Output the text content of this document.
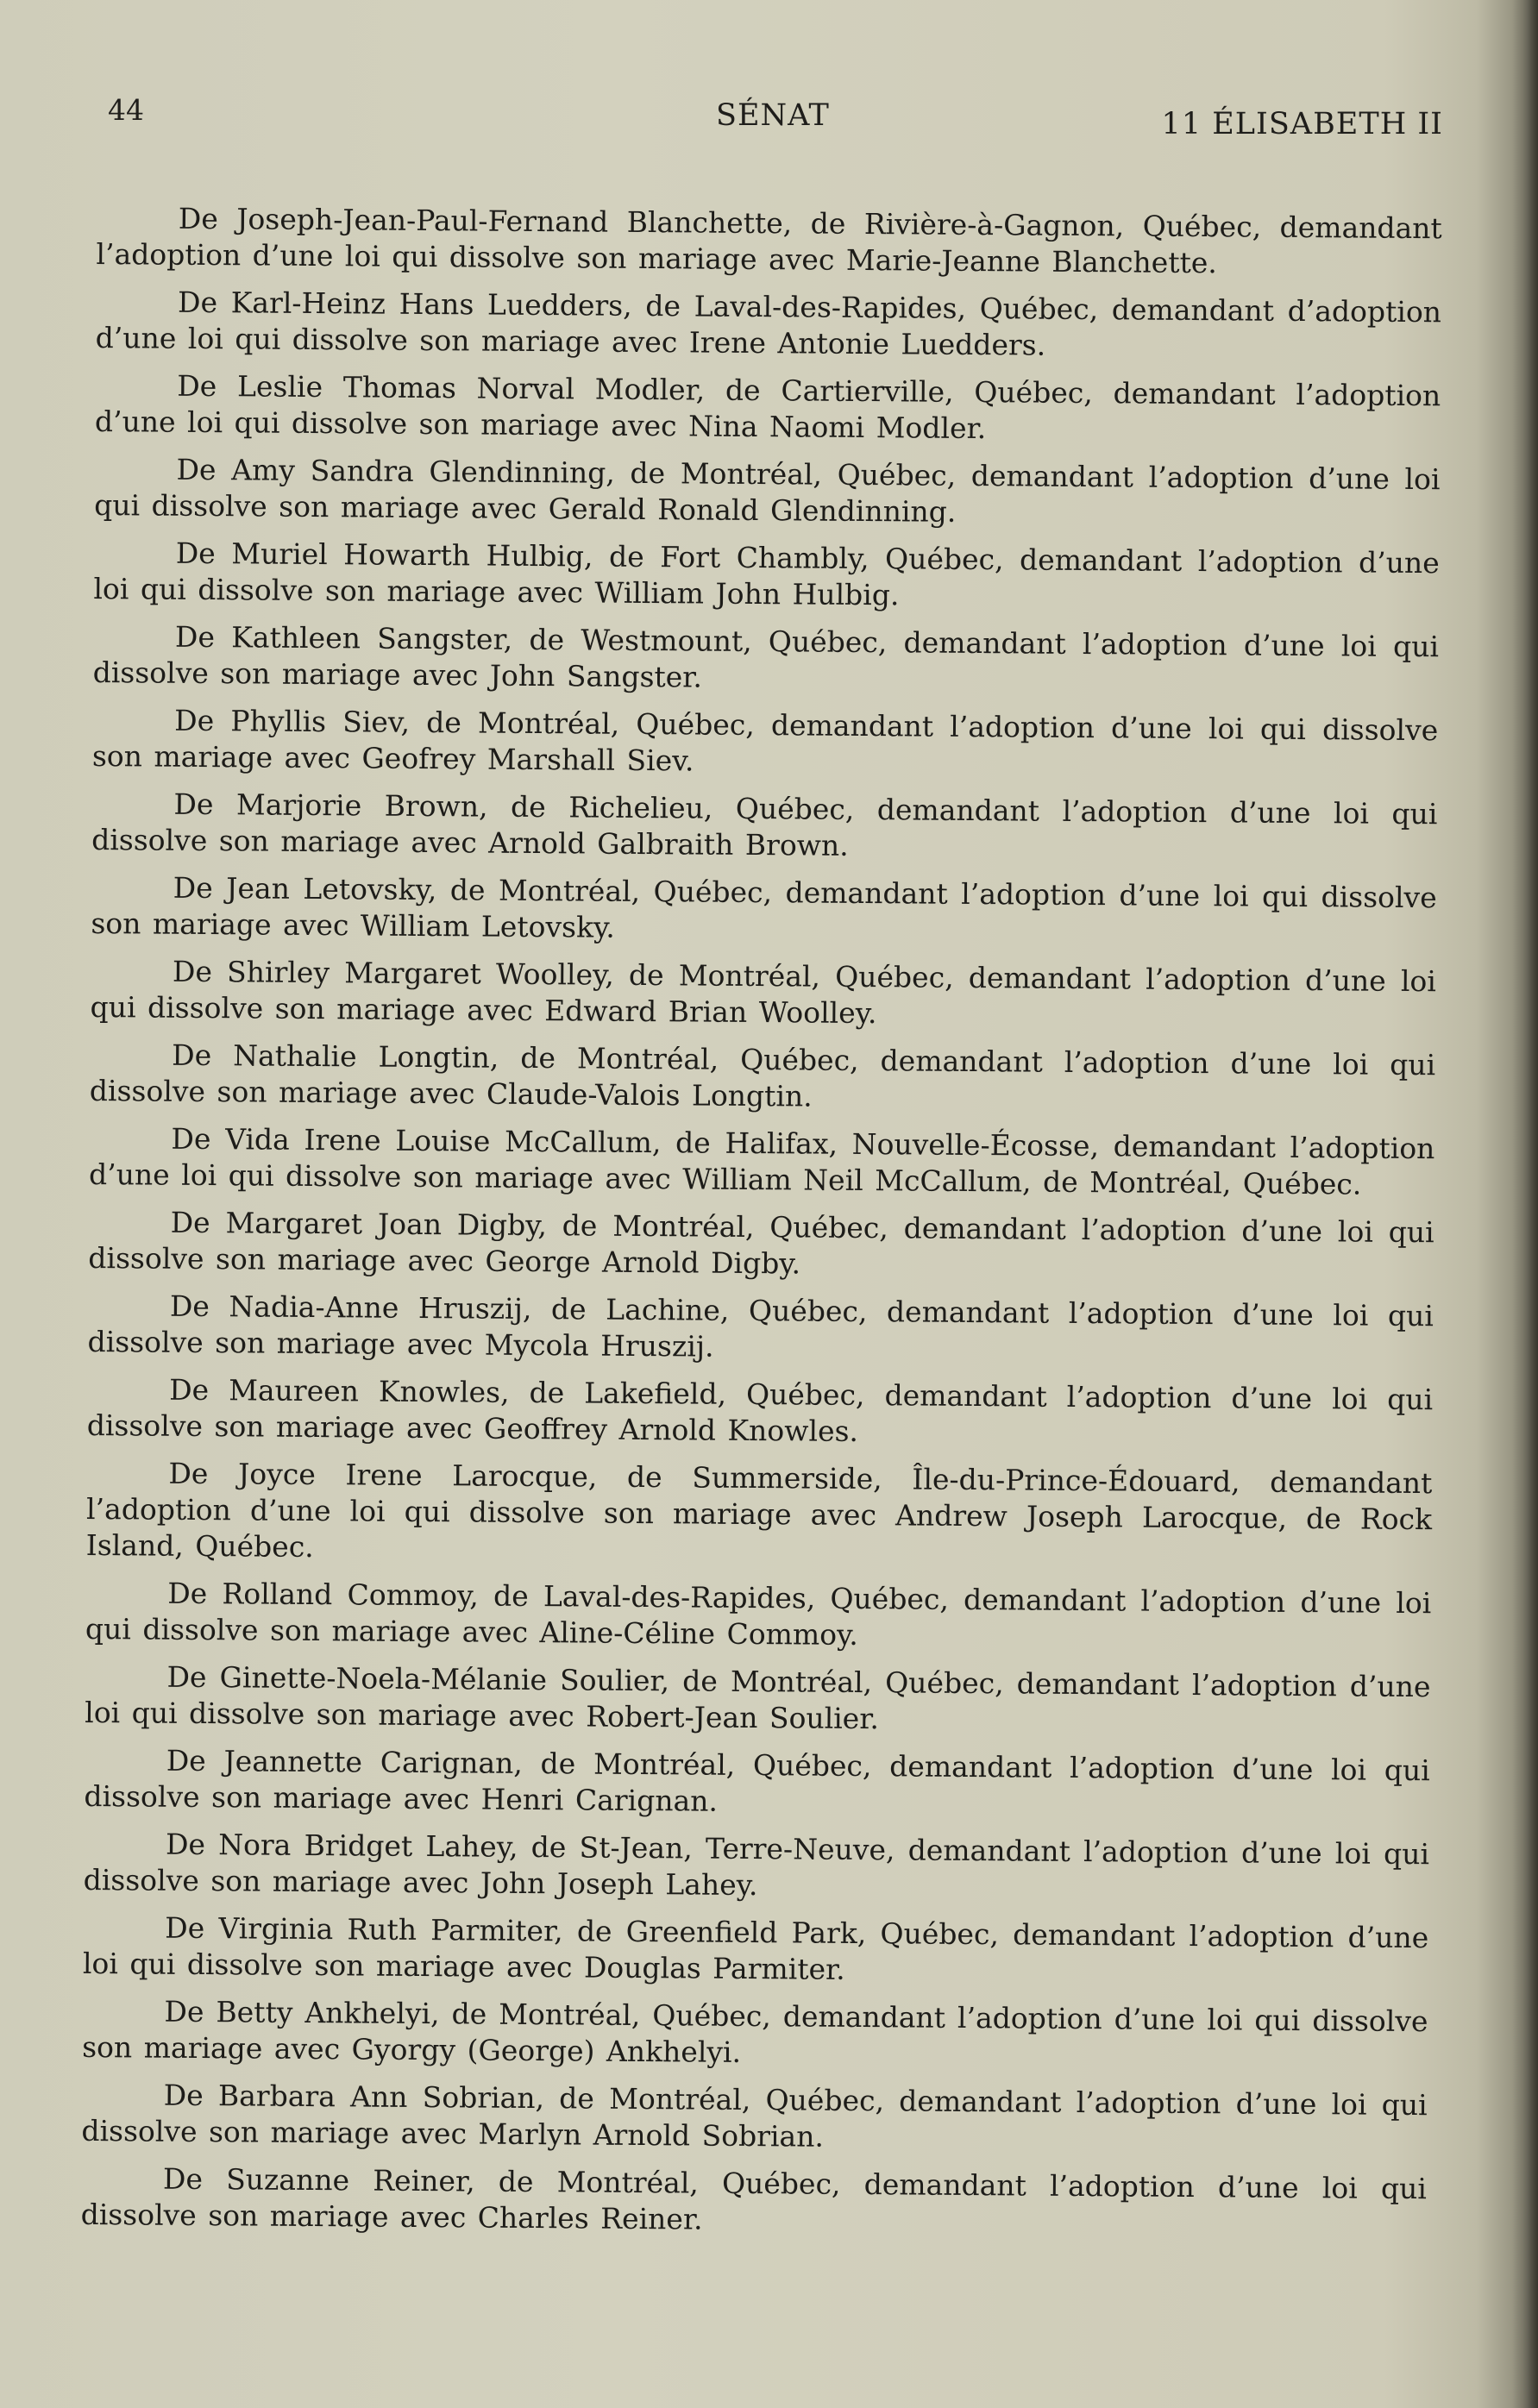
44	SÉNAT	11 ÉLISABETH II

De Joseph-Jean-Paul-Fernand Blanchette, de Rivière-à-Gagnon, Québec, demandant l’adoption d’une loi qui dissolve son mariage avec Marie-Jeanne Blanchette.

De Karl-Heinz Hans Luedders, de Laval-des-Rapides, Québec, demandant d’adoption d’une loi qui dissolve son mariage avec Irene Antonie Luedders.

De Leslie Thomas Norval Modler, de Cartierville, Québec, demandant l’adoption d’une loi qui dissolve son mariage avec Nina Naomi Modler.

De Amy Sandra Glendinning, de Montréal, Québec, demandant l’adoption d’une loi qui dissolve son mariage avec Gerald Ronald Glendinning.

De Muriel Howarth Hulbig, de Fort Chambly, Québec, demandant l’adoption d’une loi qui dissolve son mariage avec William John Hulbig.

De Kathleen Sangster, de Westmount, Québec, demandant l’adoption d’une loi qui dissolve son mariage avec John Sangster.

De Phyllis Siev, de Montréal, Québec, demandant l’adoption d’une loi qui dissolve son mariage avec Geofrey Marshall Siev.

De Marjorie Brown, de Richelieu, Québec, demandant l’adoption d’une loi qui dissolve son mariage avec Arnold Galbraith Brown.

De Jean Letovsky, de Montréal, Québec, demandant l’adoption d’une loi qui dissolve son mariage avec William Letovsky.

De Shirley Margaret Woolley, de Montréal, Québec, demandant l’adoption d’une loi qui dissolve son mariage avec Edward Brian Woolley.

De Nathalie Longtin, de Montréal, Québec, demandant l’adoption d’une loi qui dissolve son mariage avec Claude-Valois Longtin.

De Vida Irene Louise McCallum, de Halifax, Nouvelle-Écosse, demandant l’adoption d’une loi qui dissolve son mariage avec William Neil McCallum, de Montréal, Québec.

De Margaret Joan Digby, de Montréal, Québec, demandant l’adoption d’une loi qui dissolve son mariage avec George Arnold Digby.

De Nadia-Anne Hruszij, de Lachine, Québec, demandant l’adoption d’une loi qui dissolve son mariage avec Mycola Hruszij.

De Maureen Knowles, de Lakefield, Québec, demandant l’adoption d’une loi qui dissolve son mariage avec Geoffrey Arnold Knowles.

De Joyce Irene Larocque, de Summerside, Île-du-Prince-Édouard, demandant l’adoption d’une loi qui dissolve son mariage avec Andrew Joseph Larocque, de Rock Island, Québec.

De Rolland Commoy, de Laval-des-Rapides, Québec, demandant l’adoption d’une loi qui dissolve son mariage avec Aline-Céline Commoy.

De Ginette-Noela-Mélanie Soulier, de Montréal, Québec, demandant l’adoption d’une loi qui dissolve son mariage avec Robert-Jean Soulier.

De Jeannette Carignan, de Montréal, Québec, demandant l’adoption d’une loi qui dissolve son mariage avec Henri Carignan.

De Nora Bridget Lahey, de St-Jean, Terre-Neuve, demandant l’adoption d’une loi qui dissolve son mariage avec John Joseph Lahey.

De Virginia Ruth Parmiter, de Greenfield Park, Québec, demandant l’adoption d’une loi qui dissolve son mariage avec Douglas Parmiter.

De Betty Ankhelyi, de Montréal, Québec, demandant l’adoption d’une loi qui dissolve son mariage avec Gyorgy (George) Ankhelyi.

De Barbara Ann Sobrian, de Montréal, Québec, demandant l’adoption d’une loi qui dissolve son mariage avec Marlyn Arnold Sobrian.

De Suzanne Reiner, de Montréal, Québec, demandant l’adoption d’une loi qui dissolve son mariage avec Charles Reiner.
